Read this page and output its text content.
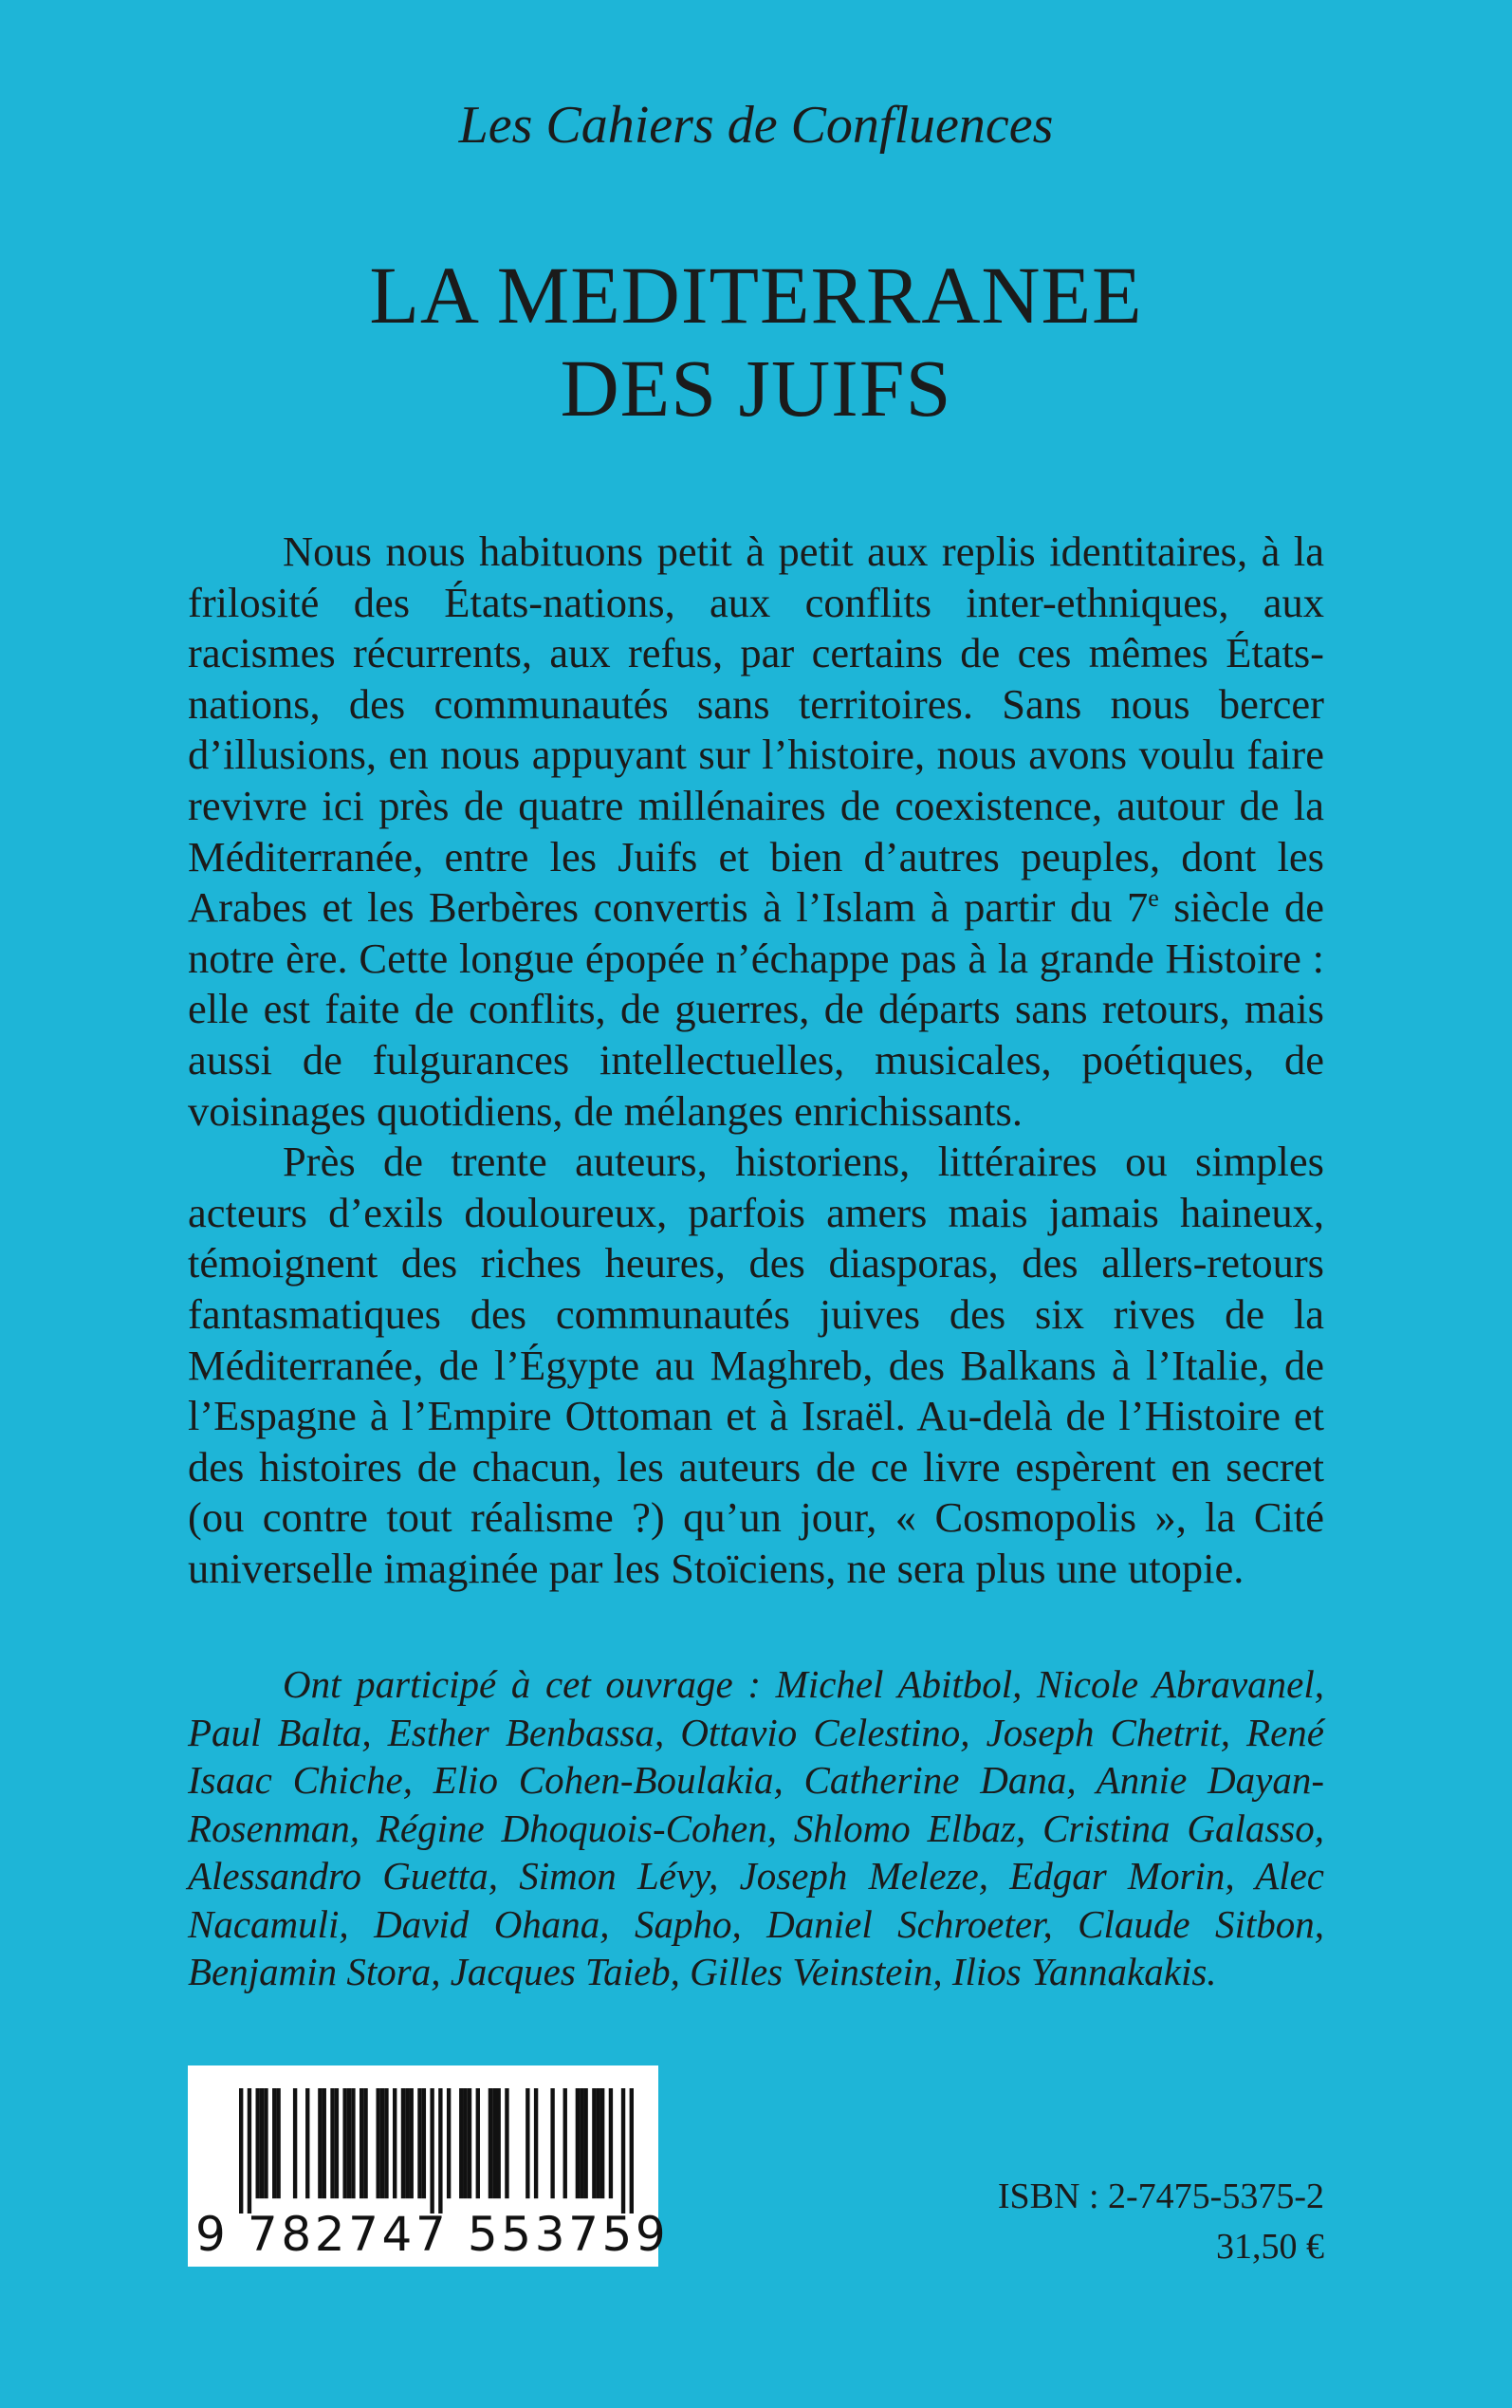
Les Cahiers de Confluences
LA MEDITERRANEE
DES JUIFS

Nous nous habituons petit à petit aux replis identitaires, à la frilosité des États-nations, aux conflits inter-ethniques, aux racismes récurrents, aux refus, par certains de ces mêmes États-nations, des communautés sans territoires. Sans nous bercer d’illusions, en nous appuyant sur l’histoire, nous avons voulu faire revivre ici près de quatre millénaires de coexistence, autour de la Méditerranée, entre les Juifs et bien d’autres peuples, dont les Arabes et les Berbères convertis à l’Islam à partir du 7e siècle de notre ère. Cette longue épopée n’échappe pas à la grande Histoire : elle est faite de conflits, de guerres, de départs sans retours, mais aussi de fulgurances intellectuelles, musicales, poétiques, de voisinages quotidiens, de mélanges enrichissants.

Près de trente auteurs, historiens, littéraires ou simples acteurs d’exils douloureux, parfois amers mais jamais haineux, témoignent des riches heures, des diasporas, des allers-retours fantasmatiques des communautés juives des six rives de la Méditerranée, de l’Égypte au Maghreb, des Balkans à l’Italie, de l’Espagne à l’Empire Ottoman et à Israël. Au-delà de l’Histoire et des histoires de chacun, les auteurs de ce livre espèrent en secret (ou contre tout réalisme ?) qu’un jour, « Cosmopolis », la Cité universelle imaginée par les Stoïciens, ne sera plus une utopie.

Ont participé à cet ouvrage : Michel Abitbol, Nicole Abravanel, Paul Balta, Esther Benbassa, Ottavio Celestino, Joseph Chetrit, René Isaac Chiche, Elio Cohen-Boulakia, Catherine Dana, Annie Dayan-Rosenman, Régine Dhoquois-Cohen, Shlomo Elbaz, Cristina Galasso, Alessandro Guetta, Simon Lévy, Joseph Meleze, Edgar Morin, Alec Nacamuli, David Ohana, Sapho, Daniel Schroeter, Claude Sitbon, Benjamin Stora, Jacques Taieb, Gilles Veinstein, Ilios Yannakakis.

9 782747 553759
ISBN : 2-7475-5375-2
31,50 €
